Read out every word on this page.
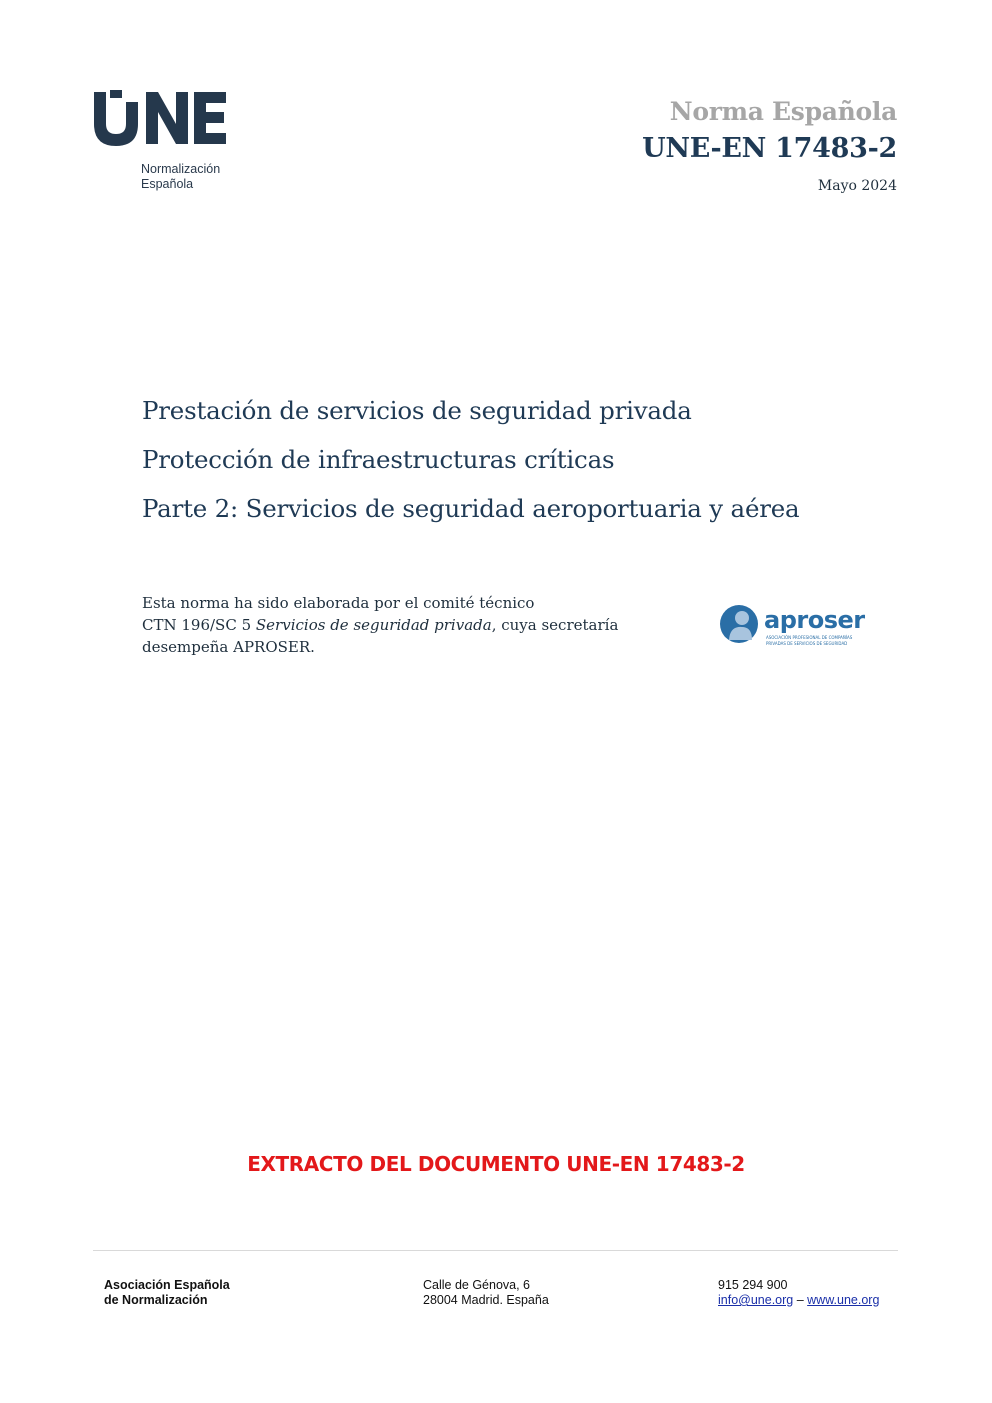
Normalización
Española
Norma Española
UNE-EN 17483-2
Mayo 2024
Prestación de servicios de seguridad privada
Protección de infraestructuras críticas
Parte 2: Servicios de seguridad aeroportuaria y aérea
Esta norma ha sido elaborada por el comité técnico
CTN 196/SC 5 Servicios de seguridad privada, cuya secretaría
desempeña APROSER.
aproser
ASOCIACIÓN PROFESIONAL DE COMPAÑÍAS
PRIVADAS DE SERVICIOS DE SEGURIDAD
EXTRACTO DEL DOCUMENTO UNE-EN 17483-2
Asociación Española
de Normalización
Calle de Génova, 6
28004 Madrid. España
915 294 900
info@une.org – www.une.org
